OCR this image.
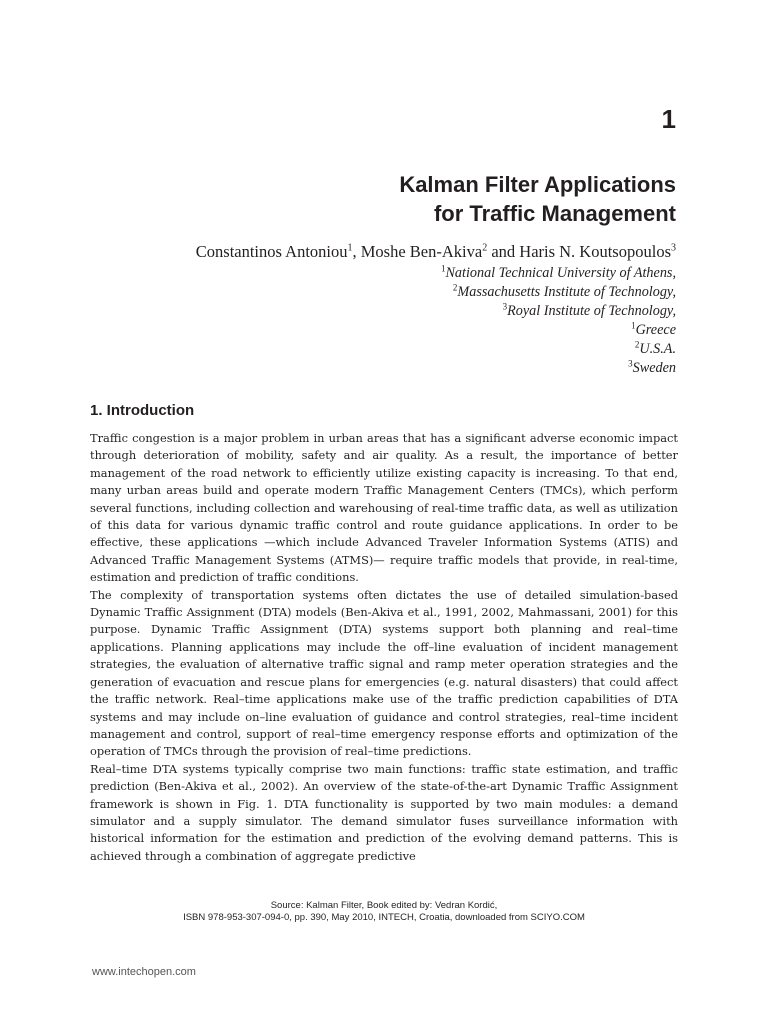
1
Kalman Filter Applications
for Traffic Management
Constantinos Antoniou$^1$, Moshe Ben-Akiva$^2$ and Haris N. Koutsopoulos$^3$
$^1$National Technical University of Athens,
$^2$Massachusetts Institute of Technology,
$^3$Royal Institute of Technology,
$^1$Greece
$^2$U.S.A.
$^3$Sweden
1. Introduction

Traffic congestion is a major problem in urban areas that has a significant adverse economic impact through deterioration of mobility, safety and air quality. As a result, the importance of better management of the road network to efficiently utilize existing capacity is increasing. To that end, many urban areas build and operate modern Traffic Management Centers (TMCs), which perform several functions, including collection and warehousing of real-time traffic data, as well as utilization of this data for various dynamic traffic control and route guidance applications. In order to be effective, these applications —which include Advanced Traveler Information Systems (ATIS) and Advanced Traffic Management Systems (ATMS)— require traffic models that provide, in real-time, estimation and prediction of traffic conditions.

The complexity of transportation systems often dictates the use of detailed simulation-based Dynamic Traffic Assignment (DTA) models (Ben-Akiva et al., 1991, 2002, Mahmassani, 2001) for this purpose. Dynamic Traffic Assignment (DTA) systems support both planning and real–time applications. Planning applications may include the off–line evaluation of incident management strategies, the evaluation of alternative traffic signal and ramp meter operation strategies and the generation of evacuation and rescue plans for emergencies (e.g. natural disasters) that could affect the traffic network. Real–time applications make use of the traffic prediction capabilities of DTA systems and may include on–line evaluation of guidance and control strategies, real–time incident management and control, support of real–time emergency response efforts and optimization of the operation of TMCs through the provision of real–time predictions.

Real–time DTA systems typically comprise two main functions: traffic state estimation, and traffic prediction (Ben-Akiva et al., 2002). An overview of the state-of-the-art Dynamic Traffic Assignment framework is shown in Fig. 1. DTA functionality is supported by two main modules: a demand simulator and a supply simulator. The demand simulator fuses surveillance information with historical information for the estimation and prediction of the evolving demand patterns. This is achieved through a combination of aggregate predictive

Source: Kalman Filter, Book edited by: Vedran Kordić,
ISBN 978-953-307-094-0, pp. 390, May 2010, INTECH, Croatia, downloaded from SCIYO.COM
www.intechopen.com
